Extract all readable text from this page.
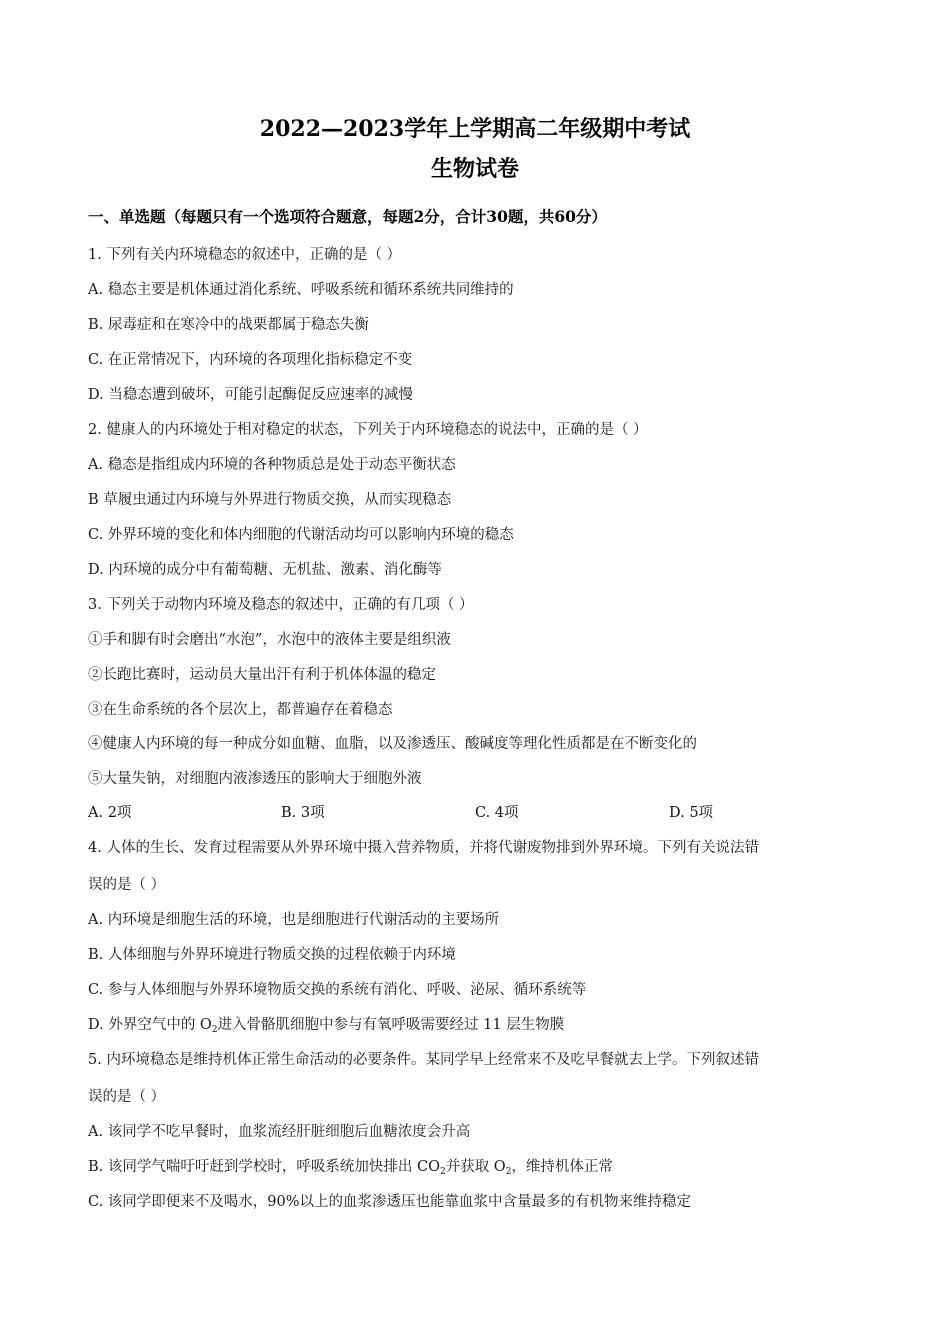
2022—2023学年上学期高二年级期中考试
生物试卷
一、单选题（每题只有一个选项符合题意，每题2分，合计30题，共60分）
1. 下列有关内环境稳态的叙述中，正确的是（ ）
A. 稳态主要是机体通过消化系统、呼吸系统和循环系统共同维持的
B. 尿毒症和在寒冷中的战栗都属于稳态失衡
C. 在正常情况下，内环境的各项理化指标稳定不变
D. 当稳态遭到破坏，可能引起酶促反应速率的减慢
2. 健康人的内环境处于相对稳定的状态，下列关于内环境稳态的说法中，正确的是（ ）
A. 稳态是指组成内环境的各种物质总是处于动态平衡状态
B 草履虫通过内环境与外界进行物质交换，从而实现稳态
C. 外界环境的变化和体内细胞的代谢活动均可以影响内环境的稳态
D. 内环境的成分中有葡萄糖、无机盐、激素、消化酶等
3. 下列关于动物内环境及稳态的叙述中，正确的有几项（ ）
①手和脚有时会磨出“水泡”，水泡中的液体主要是组织液
②长跑比赛时，运动员大量出汗有利于机体体温的稳定
③在生命系统的各个层次上，都普遍存在着稳态
④健康人内环境的每一种成分如血糖、血脂，以及渗透压、酸碱度等理化性质都是在不断变化的
⑤大量失钠，对细胞内液渗透压的影响大于细胞外液
A. 2项	B. 3项	C. 4项	D. 5项
4. 人体的生长、发育过程需要从外界环境中摄入营养物质，并将代谢废物排到外界环境。下列有关说法错
误的是（ ）
A. 内环境是细胞生活的环境，也是细胞进行代谢活动的主要场所
B. 人体细胞与外界环境进行物质交换的过程依赖于内环境
C. 参与人体细胞与外界环境物质交换的系统有消化、呼吸、泌尿、循环系统等
D. 外界空气中的 $O_2$进入骨骼肌细胞中参与有氧呼吸需要经过 11 层生物膜
5. 内环境稳态是维持机体正常生命活动的必要条件。某同学早上经常来不及吃早餐就去上学。下列叙述错
误的是（ ）
A. 该同学不吃早餐时，血浆流经肝脏细胞后血糖浓度会升高
B. 该同学气喘吁吁赶到学校时，呼吸系统加快排出 $CO_2$并获取 $O_2$，维持机体正常
C. 该同学即便来不及喝水，90%以上的血浆渗透压也能靠血浆中含量最多的有机物来维持稳定
